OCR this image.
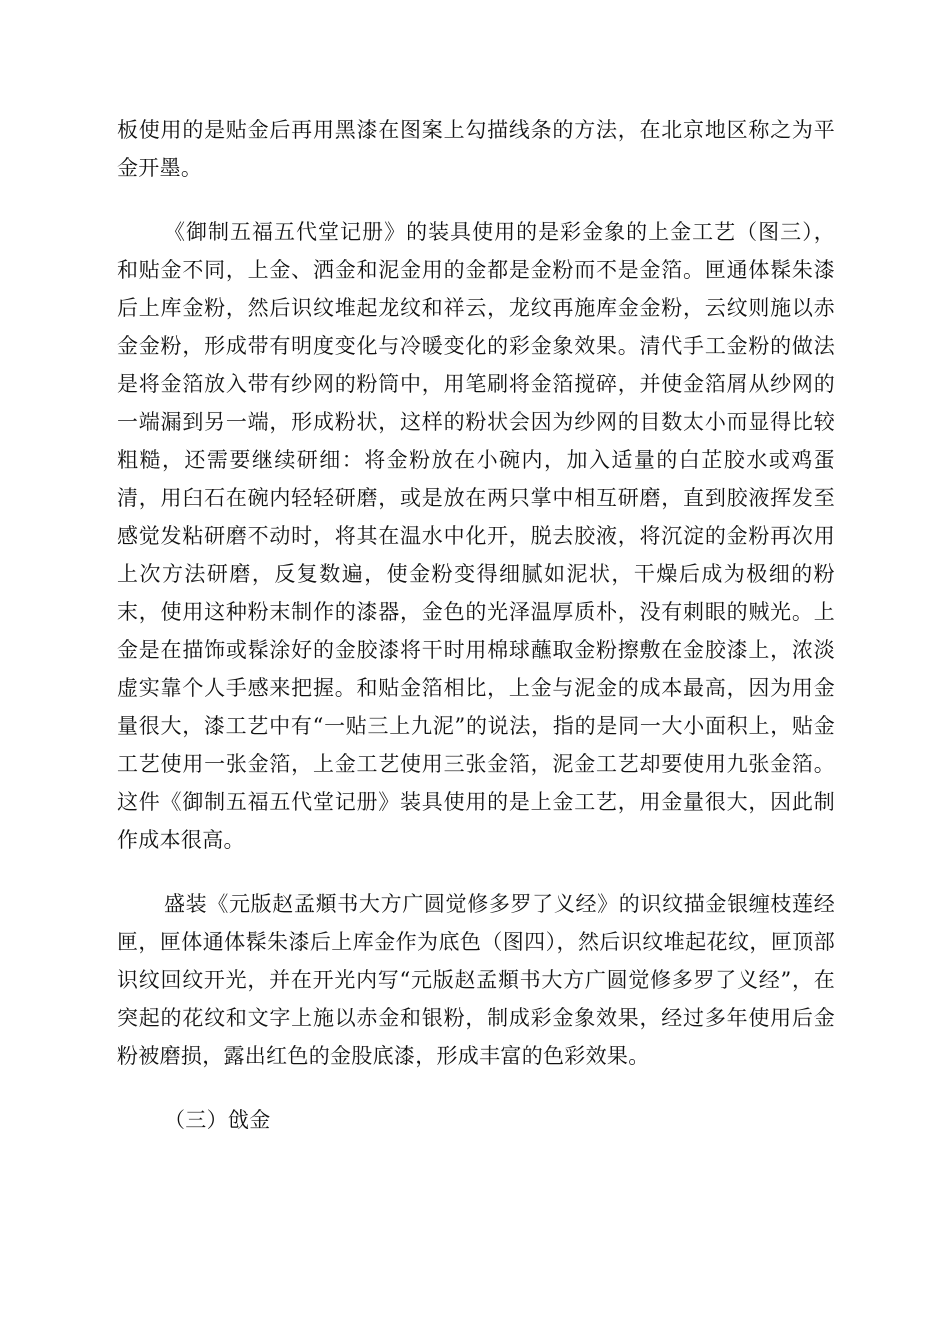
板使用的是贴金后再用黑漆在图案上勾描线条的方法，在北京地区称之为平金开墨。

《御制五福五代堂记册》的装具使用的是彩金象的上金工艺（图三），和贴金不同，上金、洒金和泥金用的金都是金粉而不是金箔。匣通体髹朱漆后上库金粉，然后识纹堆起龙纹和祥云，龙纹再施库金金粉，云纹则施以赤金金粉，形成带有明度变化与冷暖变化的彩金象效果。清代手工金粉的做法是将金箔放入带有纱网的粉筒中，用笔刷将金箔搅碎，并使金箔屑从纱网的一端漏到另一端，形成粉状，这样的粉状会因为纱网的目数太小而显得比较粗糙，还需要继续研细：将金粉放在小碗内，加入适量的白芷胶水或鸡蛋清，用臼石在碗内轻轻研磨，或是放在两只掌中相互研磨，直到胶液挥发至感觉发粘研磨不动时，将其在温水中化开，脱去胶液，将沉淀的金粉再次用上次方法研磨，反复数遍，使金粉变得细腻如泥状，干燥后成为极细的粉末，使用这种粉末制作的漆器，金色的光泽温厚质朴，没有刺眼的贼光。上金是在描饰或髹涂好的金胶漆将干时用棉球蘸取金粉擦敷在金胶漆上，浓淡虚实靠个人手感来把握。和贴金箔相比，上金与泥金的成本最高，因为用金量很大，漆工艺中有“一贴三上九泥”的说法，指的是同一大小面积上，贴金工艺使用一张金箔，上金工艺使用三张金箔，泥金工艺却要使用九张金箔。这件《御制五福五代堂记册》装具使用的是上金工艺，用金量很大，因此制作成本很高。

盛装《元版赵孟頫书大方广圆觉修多罗了义经》的识纹描金银缠枝莲经匣，匣体通体髹朱漆后上库金作为底色（图四），然后识纹堆起花纹，匣顶部识纹回纹开光，并在开光内写“元版赵孟頫书大方广圆觉修多罗了义经”，在突起的花纹和文字上施以赤金和银粉，制成彩金象效果，经过多年使用后金粉被磨损，露出红色的金股底漆，形成丰富的色彩效果。

（三）戗金
